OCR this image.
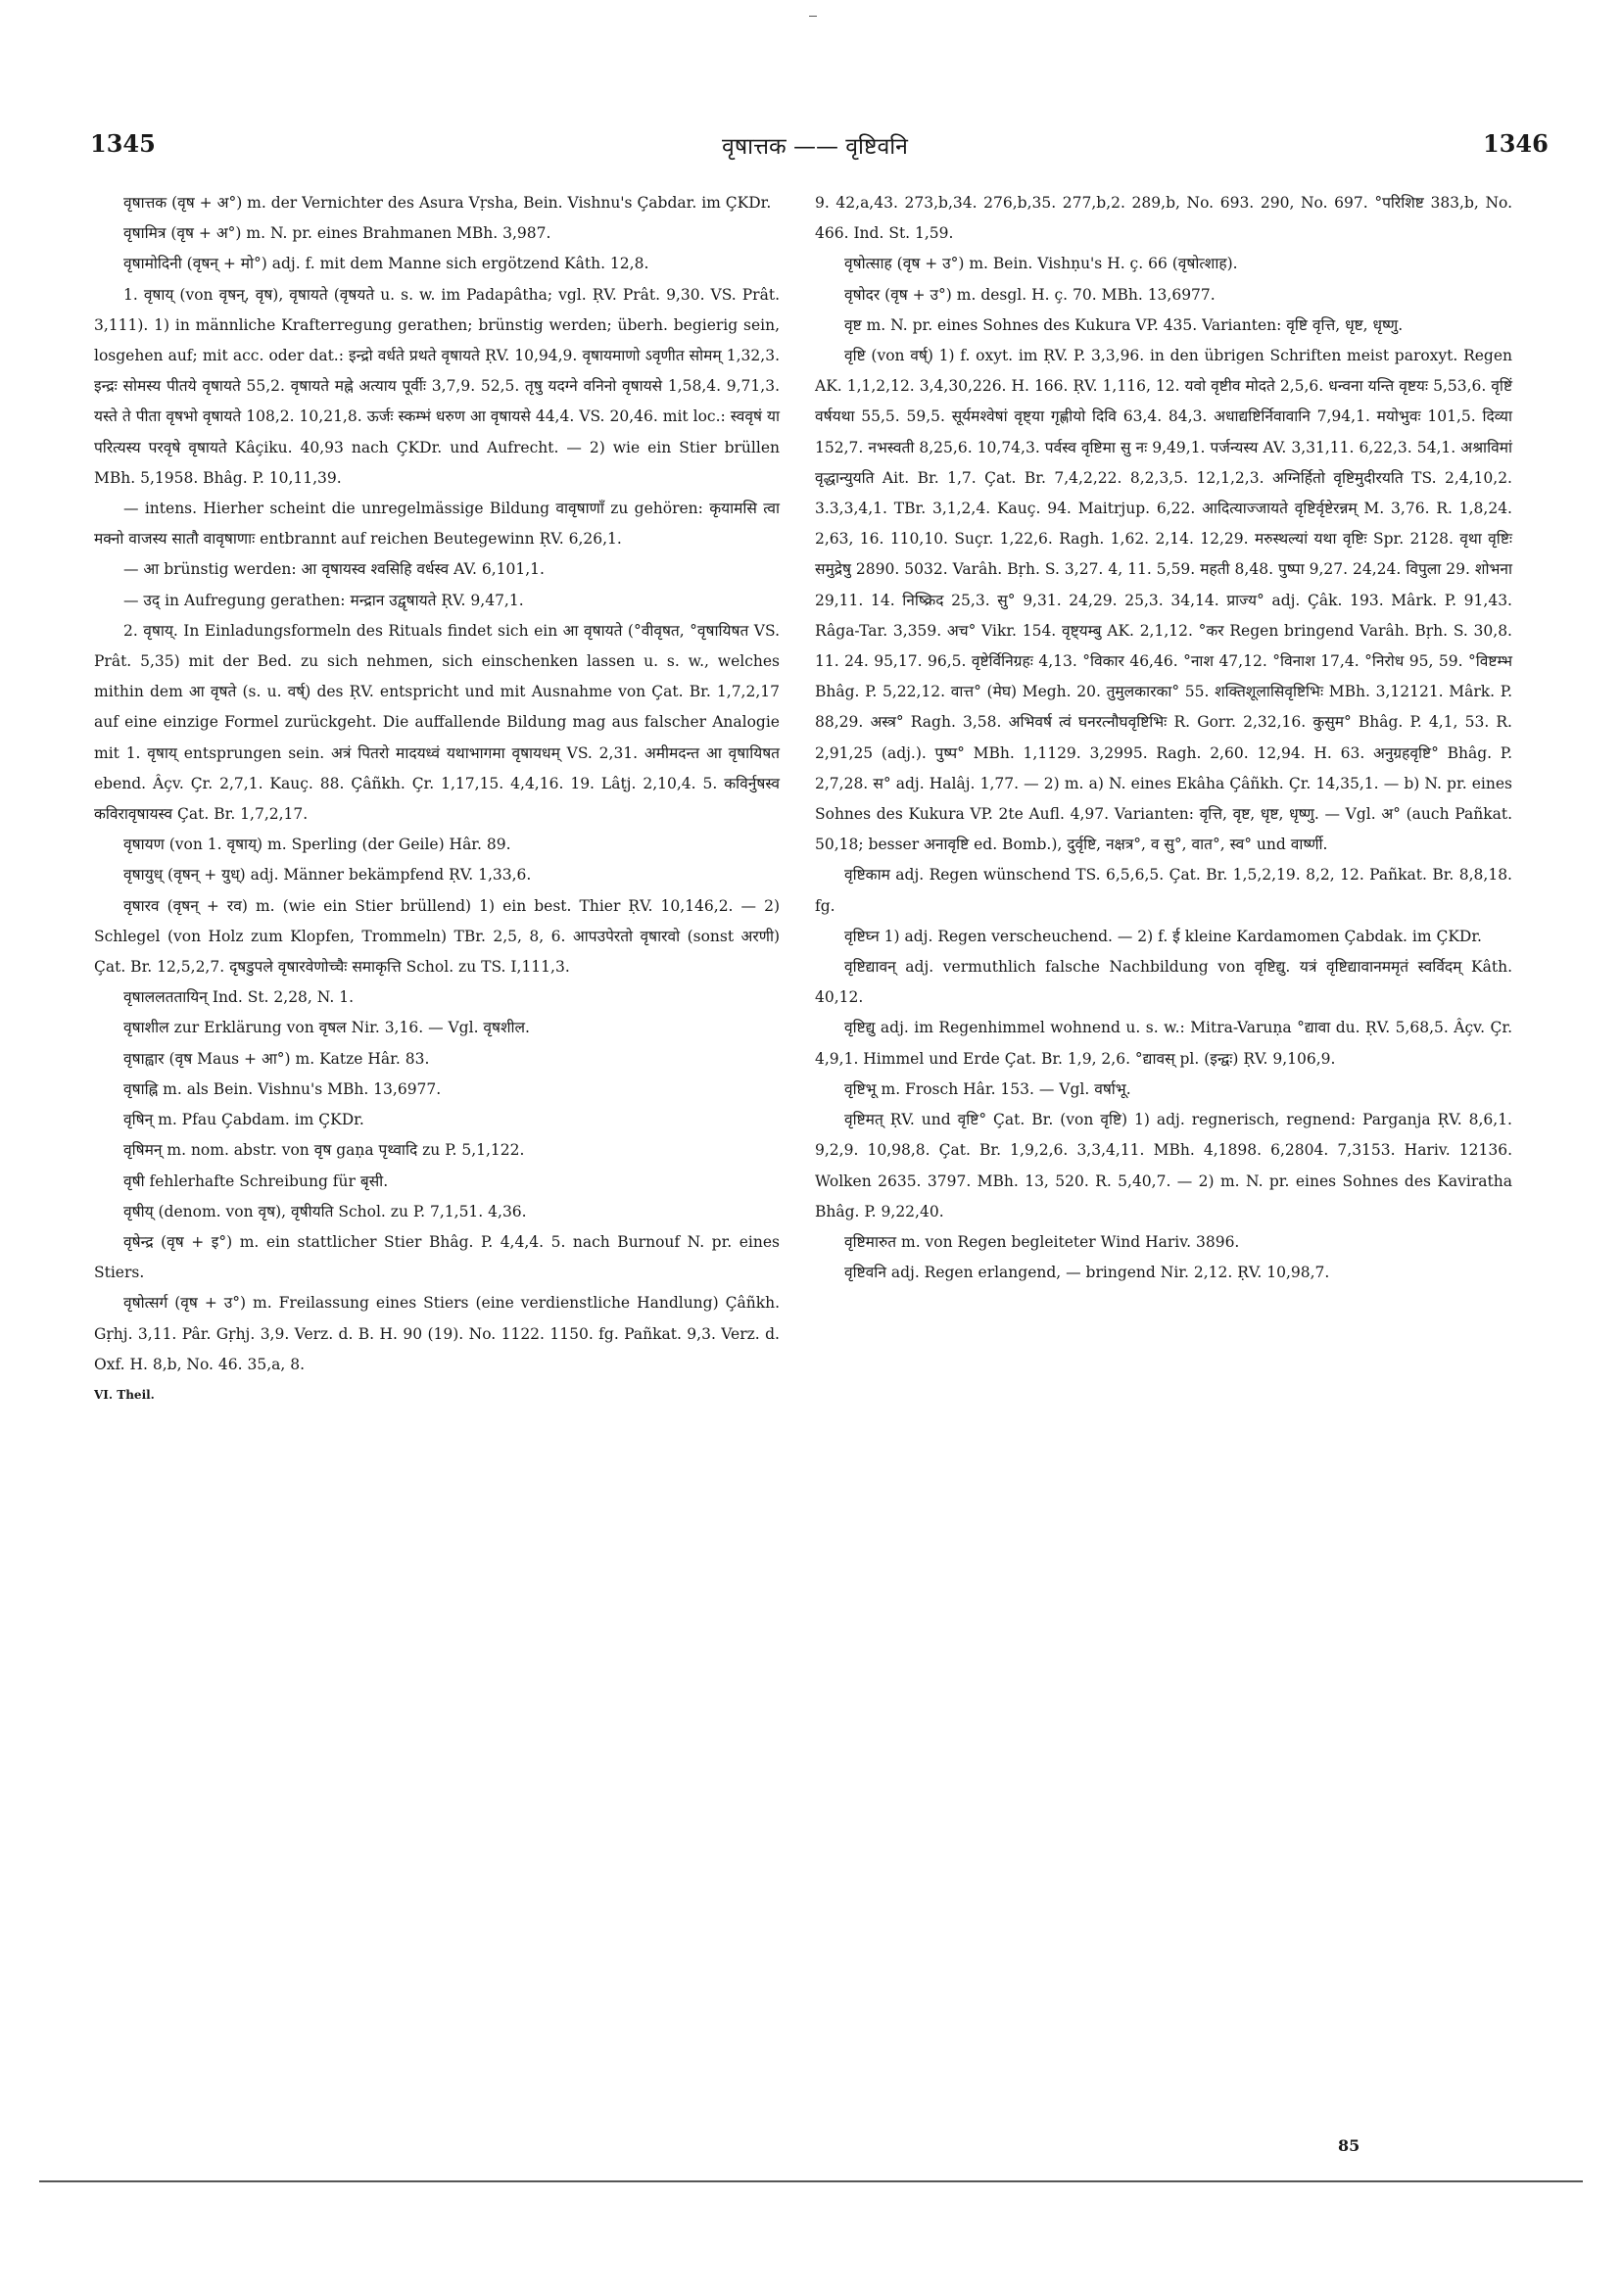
1345	वृषात्तक —— वृष्टिवनि	1346

वृषात्तक (वृष + अ°) m. der Vernichter des Asura Vṛsha, Bein. Vishnu's Çabdar. im ÇKDr.

वृषामित्र (वृष + अ°) m. N. pr. eines Brahmanen MBh. 3,987.

वृषामोदिनी (वृषन् + मो°) adj. f. mit dem Manne sich ergötzend Kâth. 12,8.

1. वृषाय् (von वृषन्, वृष), वृषायते (वृषयते u. s. w. im Padapâtha; vgl. ṚV. Prât. 9,30. VS. Prât. 3,111). 1) in männliche Krafterregung gerathen; brünstig werden; überh. begierig sein, losgehen auf; mit acc. oder dat.: इन्द्रो वर्धते प्रथते वृषायते ṚV. 10,94,9. वृषायमाणो ऽवृणीत सोमम् 1,32,3. इन्द्रः सोमस्य पीतये वृषायते 55,2. वृषायते मह्ने अत्याय पूर्वीः 3,7,9. 52,5. तृषु यदग्ने वनिनो वृषायसे 1,58,4. 9,71,3. यस्ते ते पीता वृषभो वृषायते 108,2. 10,21,8. ऊर्जः स्कम्भं धरुण आ वृषायसे 44,4. VS. 20,46. mit loc.: स्ववृषं या परित्यस्य परवृषे वृषायते Kâçiku. 40,93 nach ÇKDr. und Aufrecht. — 2) wie ein Stier brüllen MBh. 5,1958. Bhâg. P. 10,11,39.

— intens. Hierher scheint die unregelmässige Bildung वावृषाणाँ zu gehören: कृयामसि त्वा मक्नो वाजस्य सातौ वावृषाणाः entbrannt auf reichen Beutegewinn ṚV. 6,26,1.

— आ brünstig werden: आ वृषायस्व श्वसिहि वर्धस्व AV. 6,101,1.

— उद् in Aufregung gerathen: मन्द्रान उद्वृषायते ṚV. 9,47,1.

2. वृषाय्. In Einladungsformeln des Rituals findet sich ein आ वृषायते (°वीवृषत, °वृषायिषत VS. Prât. 5,35) mit der Bed. zu sich nehmen, sich einschenken lassen u. s. w., welches mithin dem आ वृषते (s. u. वर्ष्) des ṚV. entspricht und mit Ausnahme von Çat. Br. 1,7,2,17 auf eine einzige Formel zurückgeht. Die auffallende Bildung mag aus falscher Analogie mit 1. वृषाय् entsprungen sein. अत्रं पितरो मादयध्वं यथाभागमा वृषायधम् VS. 2,31. अमीमदन्त आ वृषायिषत ebend. Âçv. Çr. 2,7,1. Kauç. 88. Çâñkh. Çr. 1,17,15. 4,4,16. 19. Lâṭj. 2,10,4. 5. कविर्नुषस्व कविरावृषायस्व Çat. Br. 1,7,2,17.

वृषायण (von 1. वृषाय्) m. Sperling (der Geile) Hâr. 89.

वृषायुध् (वृषन् + युध्) adj. Männer bekämpfend ṚV. 1,33,6.

वृषारव (वृषन् + रव) m. (wie ein Stier brüllend) 1) ein best. Thier ṚV. 10,146,2. — 2) Schlegel (von Holz zum Klopfen, Trommeln) TBr. 2,5, 8, 6. आपउपेरतो वृषारवो (sonst अरणी) Çat. Br. 12,5,2,7. दृषडुपले वृषारवेणोच्चैः समाकृत्ति Schol. zu TS. I,111,3.

वृषाललततायिन् Ind. St. 2,28, N. 1.

वृषाशील zur Erklärung von वृषल Nir. 3,16. — Vgl. वृषशील.

वृषाह्वार (वृष Maus + आ°) m. Katze Hâr. 83.

वृषाह्नि m. als Bein. Vishnu's MBh. 13,6977.

वृषिन् m. Pfau Çabdam. im ÇKDr.

वृषिमन् m. nom. abstr. von वृष gaṇa पृथ्वादि zu P. 5,1,122.

वृषी fehlerhafte Schreibung für बृसी.

वृषीय् (denom. von वृष), वृषीयति Schol. zu P. 7,1,51. 4,36.

वृषेन्द्र (वृष + इ°) m. ein stattlicher Stier Bhâg. P. 4,4,4. 5. nach Burnouf N. pr. eines Stiers.

वृषोत्सर्ग (वृष + उ°) m. Freilassung eines Stiers (eine verdienstliche Handlung) Çâñkh. Gṛhj. 3,11. Pâr. Gṛhj. 3,9. Verz. d. B. H. 90 (19). No. 1122. 1150. fg. Pañkat. 9,3. Verz. d. Oxf. H. 8,b, No. 46. 35,a, 8.

VI. Theil.

9. 42,a,43. 273,b,34. 276,b,35. 277,b,2. 289,b, No. 693. 290, No. 697. °परिशिष्ट 383,b, No. 466. Ind. St. 1,59.

वृषोत्साह (वृष + उ°) m. Bein. Vishṇu's H. ç. 66 (वृषोत्शाह).

वृषोदर (वृष + उ°) m. desgl. H. ç. 70. MBh. 13,6977.

वृष्ट m. N. pr. eines Sohnes des Kukura VP. 435. Varianten: वृष्टि वृत्ति, धृष्ट, धृष्णु.

वृष्टि (von वर्ष्) 1) f. oxyt. im ṚV. P. 3,3,96. in den übrigen Schriften meist paroxyt. Regen AK. 1,1,2,12. 3,4,30,226. H. 166. ṚV. 1,116, 12. यवो वृष्टीव मोदते 2,5,6. धन्वना यन्ति वृष्टयः 5,53,6. वृष्टिं वर्षयथा 55,5. 59,5. सूर्यमश्वेषां वृष्ट्या गृह्णीयो दिवि 63,4. 84,3. अधाद्यष्टिर्निवावानि 7,94,1. मयोभुवः 101,5. दिव्या 152,7. नभस्वती 8,25,6. 10,74,3. पर्वस्व वृष्टिमा सु नः 9,49,1. पर्जन्यस्य AV. 3,31,11. 6,22,3. 54,1. अश्राविमां वृद्धान्युयति Ait. Br. 1,7. Çat. Br. 7,4,2,22. 8,2,3,5. 12,1,2,3. अग्निर्हितो वृष्टिमुदीरयति TS. 2,4,10,2. 3.3,3,4,1. TBr. 3,1,2,4. Kauç. 94. Maitrjup. 6,22. आदित्याज्जायते वृष्टिर्वृष्टेरन्नम् M. 3,76. R. 1,8,24. 2,63, 16. 110,10. Suçr. 1,22,6. Ragh. 1,62. 2,14. 12,29. मरुस्थल्यां यथा वृष्टिः Spr. 2128. वृथा वृष्टिः समुद्रेषु 2890. 5032. Varâh. Bṛh. S. 3,27. 4, 11. 5,59. महती 8,48. पुष्पा 9,27. 24,24. विपुला 29. शोभना 29,11. 14. निष्क्रिद 25,3. सु° 9,31. 24,29. 25,3. 34,14. प्राज्य° adj. Çâk. 193. Mârk. P. 91,43. Râga-Tar. 3,359. अच° Vikr. 154. वृष्ट्यम्बु AK. 2,1,12. °कर Regen bringend Varâh. Bṛh. S. 30,8. 11. 24. 95,17. 96,5. वृष्टेर्विनिग्रहः 4,13. °विकार 46,46. °नाश 47,12. °विनाश 17,4. °निरोध 95, 59. °विष्टम्भ Bhâg. P. 5,22,12. वात्त° (मेघ) Megh. 20. तुमुलकारका° 55. शक्तिशूलासिवृष्टिभिः MBh. 3,12121. Mârk. P. 88,29. अस्त्र° Ragh. 3,58. अभिवर्ष त्वं घनरत्नौघवृष्टिभिः R. Gorr. 2,32,16. कुसुम° Bhâg. P. 4,1, 53. R. 2,91,25 (adj.). पुष्प° MBh. 1,1129. 3,2995. Ragh. 2,60. 12,94. H. 63. अनुग्रहवृष्टि° Bhâg. P. 2,7,28. स° adj. Halâj. 1,77. — 2) m. a) N. eines Ekâha Çâñkh. Çr. 14,35,1. — b) N. pr. eines Sohnes des Kukura VP. 2te Aufl. 4,97. Varianten: वृत्ति, वृष्ट, धृष्ट, धृष्णु. — Vgl. अ° (auch Pañkat. 50,18; besser अनावृष्टि ed. Bomb.), दुर्वृष्टि, नक्षत्र°, व सु°, वात°, स्व° und वार्ष्णी.

वृष्टिकाम adj. Regen wünschend TS. 6,5,6,5. Çat. Br. 1,5,2,19. 8,2, 12. Pañkat. Br. 8,8,18. fg.

वृष्टिघ्न 1) adj. Regen verscheuchend. — 2) f. ई kleine Kardamomen Çabdak. im ÇKDr.

वृष्टिद्यावन् adj. vermuthlich falsche Nachbildung von वृष्टिद्यु. यत्रं वृष्टिद्यावानममृतं स्वर्विदम् Kâth. 40,12.

वृष्टिद्यु adj. im Regenhimmel wohnend u. s. w.: Mitra-Varuṇa °द्यावा du. ṚV. 5,68,5. Âçv. Çr. 4,9,1. Himmel und Erde Çat. Br. 1,9, 2,6. °द्यावस् pl. (इन्द्वः) ṚV. 9,106,9.

वृष्टिभू m. Frosch Hâr. 153. — Vgl. वर्षाभू.

वृष्टिमत् ṚV. und वृष्टि° Çat. Br. (von वृष्टि) 1) adj. regnerisch, regnend: Parganja ṚV. 8,6,1. 9,2,9. 10,98,8. Çat. Br. 1,9,2,6. 3,3,4,11. MBh. 4,1898. 6,2804. 7,3153. Hariv. 12136. Wolken 2635. 3797. MBh. 13, 520. R. 5,40,7. — 2) m. N. pr. eines Sohnes des Kaviratha Bhâg. P. 9,22,40.

वृष्टिमारुत m. von Regen begleiteter Wind Hariv. 3896.

वृष्टिवनि adj. Regen erlangend, — bringend Nir. 2,12. ṚV. 10,98,7.

85
